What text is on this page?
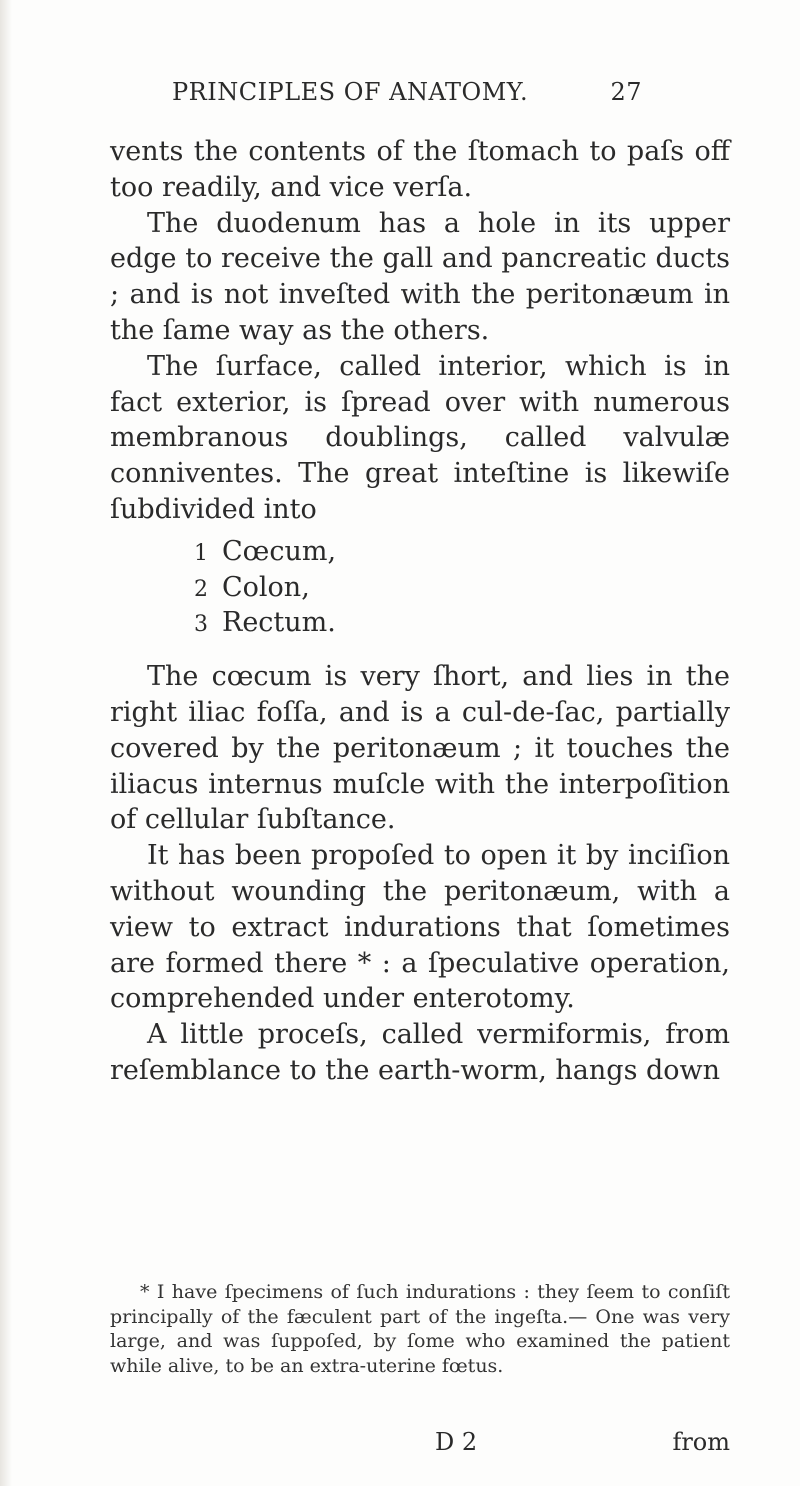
PRINCIPLES OF ANATOMY.	27

vents the contents of the ſtomach to paſs off too readily, and vice verſa.

The duodenum has a hole in its upper edge to receive the gall and pancreatic ducts ; and is not inveſted with the peritonæum in the ſame way as the others.

The ſurface, called interior, which is in fact exterior, is ſpread over with numerous membranous doublings, called valvulæ conniventes. The great inteſtine is likewiſe ſubdivided into

1 Cœcum,
2 Colon,
3 Rectum.

The cœcum is very ſhort, and lies in the right iliac foſſa, and is a cul-de-ſac, partially covered by the peritonæum ; it touches the iliacus internus muſcle with the interpoſition of cellular ſubſtance.

It has been propoſed to open it by inciſion without wounding the peritonæum, with a view to extract indurations that ſometimes are formed there * : a ſpeculative operation, comprehended under enterotomy.

A little proceſs, called vermiformis, from reſemblance to the earth-worm, hangs down

* I have ſpecimens of ſuch indurations : they ſeem to conſiſt principally of the fæculent part of the ingeſta.— One was very large, and was ſuppoſed, by ſome who examined the patient while alive, to be an extra-uterine fœtus.

D 2	from
